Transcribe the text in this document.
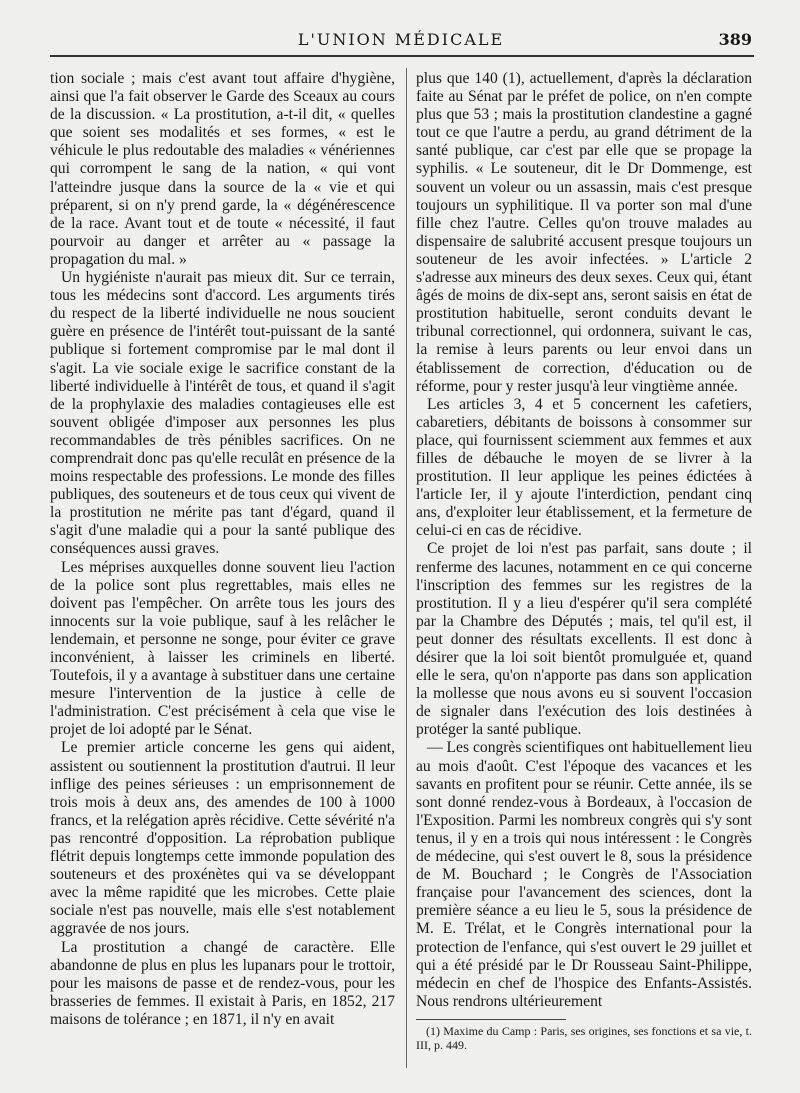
L'UNION MÉDICALE	389

tion sociale ; mais c'est avant tout affaire d'hygiène, ainsi que l'a fait observer le Garde des Sceaux au cours de la discussion. « La prostitution, a-t-il dit, « quelles que soient ses modalités et ses formes, « est le véhicule le plus redoutable des maladies « vénériennes qui corrompent le sang de la nation, « qui vont l'atteindre jusque dans la source de la « vie et qui préparent, si on n'y prend garde, la « dégénérescence de la race. Avant tout et de toute « nécessité, il faut pourvoir au danger et arrêter au « passage la propagation du mal. »

Un hygiéniste n'aurait pas mieux dit. Sur ce terrain, tous les médecins sont d'accord. Les arguments tirés du respect de la liberté individuelle ne nous soucient guère en présence de l'intérêt tout-puissant de la santé publique si fortement compromise par le mal dont il s'agit. La vie sociale exige le sacrifice constant de la liberté individuelle à l'intérêt de tous, et quand il s'agit de la prophylaxie des maladies contagieuses elle est souvent obligée d'imposer aux personnes les plus recommandables de très pénibles sacrifices. On ne comprendrait donc pas qu'elle reculât en présence de la moins respectable des professions. Le monde des filles publiques, des souteneurs et de tous ceux qui vivent de la prostitution ne mérite pas tant d'égard, quand il s'agit d'une maladie qui a pour la santé publique des conséquences aussi graves.

Les méprises auxquelles donne souvent lieu l'action de la police sont plus regrettables, mais elles ne doivent pas l'empêcher. On arrête tous les jours des innocents sur la voie publique, sauf à les relâcher le lendemain, et personne ne songe, pour éviter ce grave inconvénient, à laisser les criminels en liberté. Toutefois, il y a avantage à substituer dans une certaine mesure l'intervention de la justice à celle de l'administration. C'est précisément à cela que vise le projet de loi adopté par le Sénat.

Le premier article concerne les gens qui aident, assistent ou soutiennent la prostitution d'autrui. Il leur inflige des peines sérieuses : un emprisonnement de trois mois à deux ans, des amendes de 100 à 1000 francs, et la relégation après récidive. Cette sévérité n'a pas rencontré d'opposition. La réprobation publique flétrit depuis longtemps cette immonde population des souteneurs et des proxénètes qui va se développant avec la même rapidité que les microbes. Cette plaie sociale n'est pas nouvelle, mais elle s'est notablement aggravée de nos jours.

La prostitution a changé de caractère. Elle abandonne de plus en plus les lupanars pour le trottoir, pour les maisons de passe et de rendez-vous, pour les brasseries de femmes. Il existait à Paris, en 1852, 217 maisons de tolérance ; en 1871, il n'y en avait

plus que 140 (1), actuellement, d'après la déclaration faite au Sénat par le préfet de police, on n'en compte plus que 53 ; mais la prostitution clandestine a gagné tout ce que l'autre a perdu, au grand détriment de la santé publique, car c'est par elle que se propage la syphilis. « Le souteneur, dit le Dr Dommenge, est souvent un voleur ou un assassin, mais c'est presque toujours un syphilitique. Il va porter son mal d'une fille chez l'autre. Celles qu'on trouve malades au dispensaire de salubrité accusent presque toujours un souteneur de les avoir infectées. » L'article 2 s'adresse aux mineurs des deux sexes. Ceux qui, étant âgés de moins de dix-sept ans, seront saisis en état de prostitution habituelle, seront conduits devant le tribunal correctionnel, qui ordonnera, suivant le cas, la remise à leurs parents ou leur envoi dans un établissement de correction, d'éducation ou de réforme, pour y rester jusqu'à leur vingtième année.

Les articles 3, 4 et 5 concernent les cafetiers, cabaretiers, débitants de boissons à consommer sur place, qui fournissent sciemment aux femmes et aux filles de débauche le moyen de se livrer à la prostitution. Il leur applique les peines édictées à l'article Ier, il y ajoute l'interdiction, pendant cinq ans, d'exploiter leur établissement, et la fermeture de celui-ci en cas de récidive.

Ce projet de loi n'est pas parfait, sans doute ; il renferme des lacunes, notamment en ce qui concerne l'inscription des femmes sur les registres de la prostitution. Il y a lieu d'espérer qu'il sera complété par la Chambre des Députés ; mais, tel qu'il est, il peut donner des résultats excellents. Il est donc à désirer que la loi soit bientôt promulguée et, quand elle le sera, qu'on n'apporte pas dans son application la mollesse que nous avons eu si souvent l'occasion de signaler dans l'exécution des lois destinées à protéger la santé publique.

— Les congrès scientifiques ont habituellement lieu au mois d'août. C'est l'époque des vacances et les savants en profitent pour se réunir. Cette année, ils se sont donné rendez-vous à Bordeaux, à l'occasion de l'Exposition. Parmi les nombreux congrès qui s'y sont tenus, il y en a trois qui nous intéressent : le Congrès de médecine, qui s'est ouvert le 8, sous la présidence de M. Bouchard ; le Congrès de l'Association française pour l'avancement des sciences, dont la première séance a eu lieu le 5, sous la présidence de M. E. Trélat, et le Congrès international pour la protection de l'enfance, qui s'est ouvert le 29 juillet et qui a été présidé par le Dr Rousseau Saint-Philippe, médecin en chef de l'hospice des Enfants-Assistés. Nous rendrons ultérieurement

(1) Maxime du Camp : Paris, ses origines, ses fonctions et sa vie, t. III, p. 449.
